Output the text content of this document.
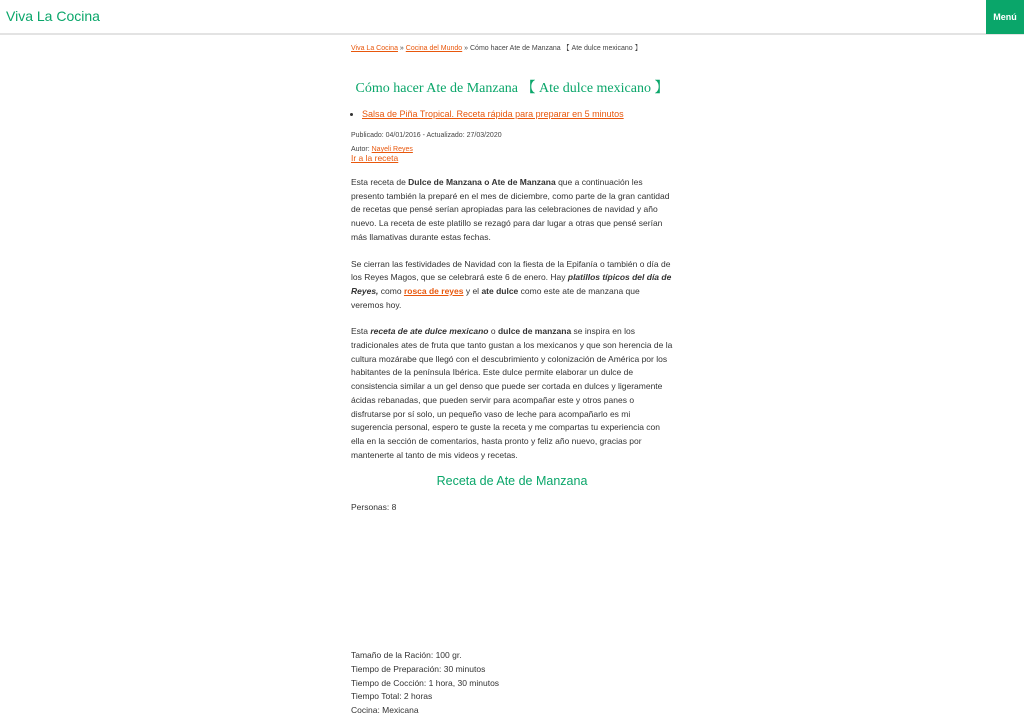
Viva La Cocina	Menú
Viva La Cocina » Cocina del Mundo » Cómo hacer Ate de Manzana 【 Ate dulce mexicano 】
Cómo hacer Ate de Manzana 【 Ate dulce mexicano 】
• Salsa de Piña Tropical. Receta rápida para preparar en 5 minutos
Publicado: 04/01/2016 - Actualizado: 27/03/2020
Autor: Nayeli Reyes
Ir a la receta

Esta receta de Dulce de Manzana o Ate de Manzana que a continuación les presento también la preparé en el mes de diciembre, como parte de la gran cantidad de recetas que pensé serían apropiadas para las celebraciones de navidad y año nuevo. La receta de este platillo se rezagó para dar lugar a otras que pensé serían más llamativas durante estas fechas.

Se cierran las festividades de Navidad con la fiesta de la Epifanía o también o día de los Reyes Magos, que se celebrará este 6 de enero. Hay platillos típicos del día de Reyes, como rosca de reyes y el ate dulce como este ate de manzana que veremos hoy.

Esta receta de ate dulce mexicano o dulce de manzana se inspira en los tradicionales ates de fruta que tanto gustan a los mexicanos y que son herencia de la cultura mozárabe que llegó con el descubrimiento y colonización de América por los habitantes de la península Ibérica. Este dulce permite elaborar un dulce de consistencia similar a un gel denso que puede ser cortada en dulces y ligeramente ácidas rebanadas, que pueden servir para acompañar este y otros panes o disfrutarse por sí solo, un pequeño vaso de leche para acompañarlo es mi sugerencia personal, espero te guste la receta y me compartas tu experiencia con ella en la sección de comentarios, hasta pronto y feliz año nuevo, gracias por mantenerte al tanto de mis videos y recetas.

Receta de Ate de Manzana
Personas: 8
Tamaño de la Ración: 100 gr.
Tiempo de Preparación: 30 minutos
Tiempo de Cocción: 1 hora, 30 minutos
Tiempo Total: 2 horas
Cocina: Mexicana
